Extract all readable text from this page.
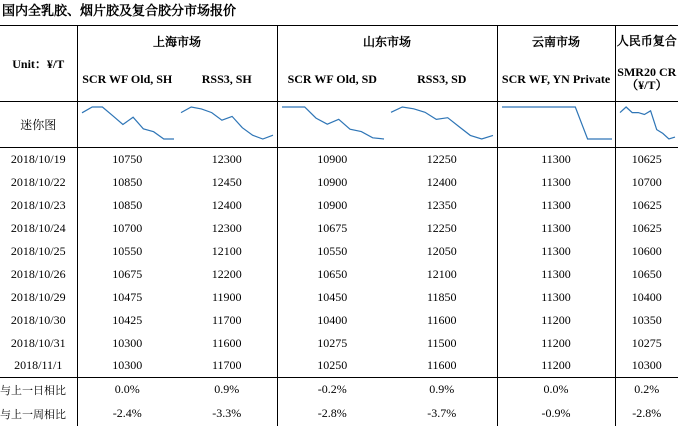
国内全乳胶、烟片胶及复合胶分市场报价
Unit：¥/T	上海市场		山东市场		云南市场	人民币复合
	SCR WF Old, SH	RSS3, SH	SCR WF Old, SD	RSS3, SD	SCR WF, YN Private	SMR20 CR（¥/T）
迷你图	

2018/10/19	10750	12300	10900	12250	11300	10625
2018/10/22	10850	12450	10900	12400	11300	10700
2018/10/23	10850	12400	10900	12350	11300	10625
2018/10/24	10700	12300	10675	12250	11300	10625
2018/10/25	10550	12100	10550	12050	11300	10600
2018/10/26	10675	12200	10650	12100	11300	10650
2018/10/29	10475	11900	10450	11850	11300	10400
2018/10/30	10425	11700	10400	11600	11200	10350
2018/10/31	10300	11600	10275	11500	11200	10275
2018/11/1	10300	11700	10250	11600	11200	10300
与上一日相比	0.0%	0.9%	-0.2%	0.9%	0.0%	0.2%
与上一周相比	-2.4%	-3.3%	-2.8%	-3.7%	-0.9%	-2.8%
